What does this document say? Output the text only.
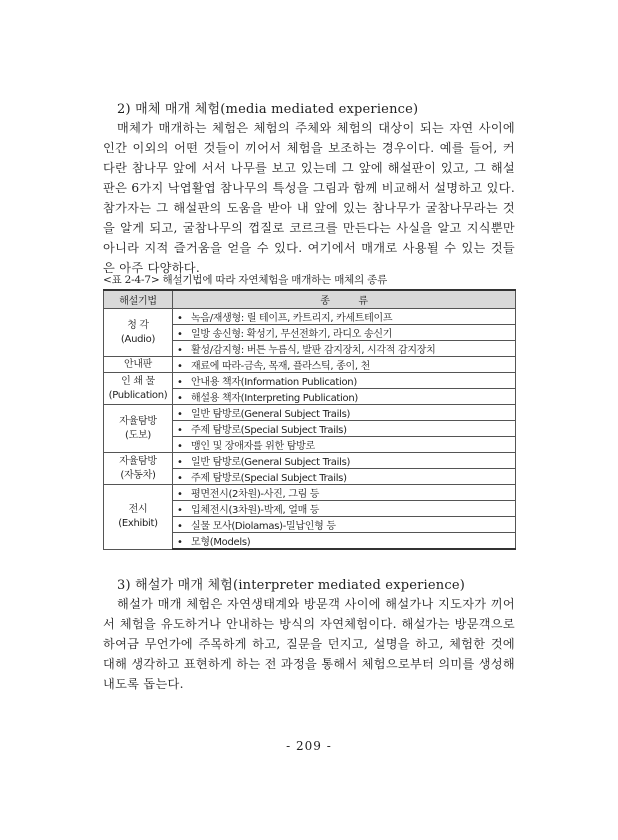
2) 매체 매개 체험(media mediated experience)

매체가 매개하는 체험은 체험의 주체와 체험의 대상이 되는 자연 사이에 인간 이외의 어떤 것들이 끼어서 체험을 보조하는 경우이다. 예를 들어, 커다란 참나무 앞에 서서 나무를 보고 있는데 그 앞에 해설판이 있고, 그 해설판은 6가지 낙엽활엽 참나무의 특성을 그림과 함께 비교해서 설명하고 있다. 참가자는 그 해설판의 도움을 받아 내 앞에 있는 참나무가 굴참나무라는 것을 알게 되고, 굴참나무의 껍질로 코르크를 만든다는 사실을 알고 지식뿐만 아니라 지적 즐거움을 얻을 수 있다. 여기에서 매개로 사용될 수 있는 것들은 아주 다양하다.

<표 2-4-7> 해설기법에 따라 자연체험을 매개하는 매체의 종류
해설기법	종          류

청 각
(Audio)	• 녹음/재생형: 릴 테이프, 카트리지, 카세트테이프
	• 일방 송신형: 확성기, 무선전화기, 라디오 송신기
	• 활성/감지형: 버튼 누름식, 발판 감지장치, 시각적 감지장치

안내판	• 재료에 따라-금속, 목재, 플라스틱, 종이, 천

인 쇄 물
(Publication)	• 안내용 책자(Information Publication)
	• 해설용 책자(Interpreting Publication)

자율탐방
(도보)	• 일반 탐방로(General Subject Trails)
	• 주제 탐방로(Special Subject Trails)
	• 맹인 및 장애자를 위한 탐방로

자율탐방
(자동차)	• 일반 탐방로(General Subject Trails)
	• 주제 탐방로(Special Subject Trails)

전시
(Exhibit)	• 평면전시(2차원)-사진, 그림 등
	• 입체전시(3차원)-박제, 얼매 등
	• 실물 모사(Diolamas)-밀납인형 등
	• 모형(Models)
3) 해설가 매개 체험(interpreter mediated experience)

해설가 매개 체험은 자연생태계와 방문객 사이에 해설가나 지도자가 끼어서 체험을 유도하거나 안내하는 방식의 자연체험이다. 해설가는 방문객으로 하여금 무언가에 주목하게 하고, 질문을 던지고, 설명을 하고, 체험한 것에 대해 생각하고 표현하게 하는 전 과정을 통해서 체험으로부터 의미를 생성해 내도록 돕는다.

- 209 -
